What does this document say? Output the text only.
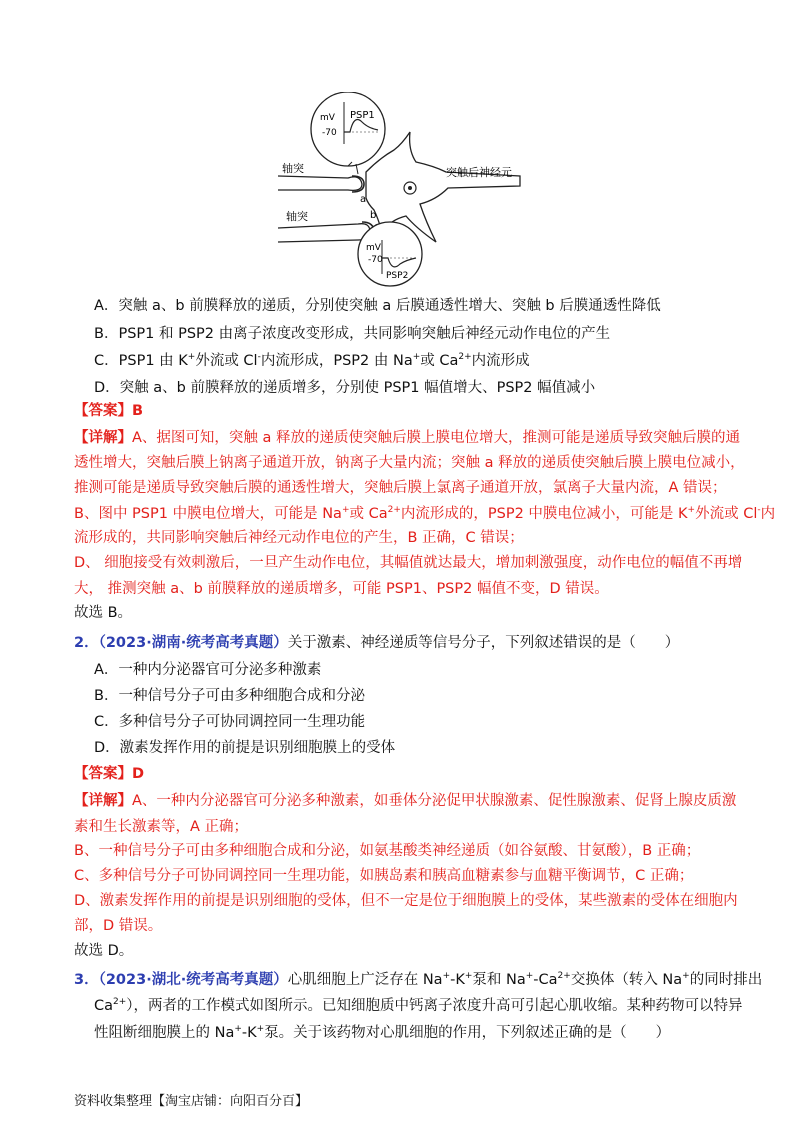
mV
-70
PSP1
突触后神经元
轴突
a
轴突	b
mV
-70
PSP2
A．突触 a、b 前膜释放的递质，分别使突触 a 后膜通透性增大、突触 b 后膜通透性降低
B．PSP1 和 PSP2 由离子浓度改变形成，共同影响突触后神经元动作电位的产生
C．PSP1 由 K+外流或 Cl-内流形成，PSP2 由 Na+或 $Ca^{2+}$内流形成
D．突触 a、b 前膜释放的递质增多，分别使 PSP1 幅值增大、PSP2 幅值减小
【答案】B
【详解】A、据图可知，突触 a 释放的递质使突触后膜上膜电位增大，推测可能是递质导致突触后膜的通
透性增大，突触后膜上钠离子通道开放，钠离子大量内流；突触 a 释放的递质使突触后膜上膜电位减小，
推测可能是递质导致突触后膜的通透性增大，突触后膜上氯离子通道开放，氯离子大量内流，A 错误；
B、图中 PSP1 中膜电位增大，可能是 Na+或 $Ca^{2+}$内流形成的，PSP2 中膜电位减小，可能是 K+外流或 Cl-内
流形成的，共同影响突触后神经元动作电位的产生，B 正确，C 错误；
D、 细胞接受有效刺激后，一旦产生动作电位，其幅值就达最大，增加刺激强度，动作电位的幅值不再增
大， 推测突触 a、b 前膜释放的递质增多，可能 PSP1、PSP2 幅值不变，D 错误。
故选 B。
2．（2023·湖南·统考高考真题）关于激素、神经递质等信号分子，下列叙述错误的是（　　）
A．一种内分泌器官可分泌多种激素
B．一种信号分子可由多种细胞合成和分泌
C．多种信号分子可协同调控同一生理功能
D．激素发挥作用的前提是识别细胞膜上的受体
【答案】D
【详解】A、一种内分泌器官可分泌多种激素，如垂体分泌促甲状腺激素、促性腺激素、促肾上腺皮质激
素和生长激素等，A 正确；
B、一种信号分子可由多种细胞合成和分泌，如氨基酸类神经递质（如谷氨酸、甘氨酸），B 正确；
C、多种信号分子可协同调控同一生理功能，如胰岛素和胰高血糖素参与血糖平衡调节，C 正确；
D、激素发挥作用的前提是识别细胞的受体，但不一定是位于细胞膜上的受体，某些激素的受体在细胞内
部，D 错误。
故选 D。
3．（2023·湖北·统考高考真题）心肌细胞上广泛存在 Na+-K+泵和 $Na^+-Ca^{2+}$交换体（转入 Na+的同时排出
$Ca^{2+}$），两者的工作模式如图所示。已知细胞质中钙离子浓度升高可引起心肌收缩。某种药物可以特异
性阻断细胞膜上的 Na+-K+泵。关于该药物对心肌细胞的作用，下列叙述正确的是（　　）
资料收集整理【淘宝店铺：向阳百分百】
